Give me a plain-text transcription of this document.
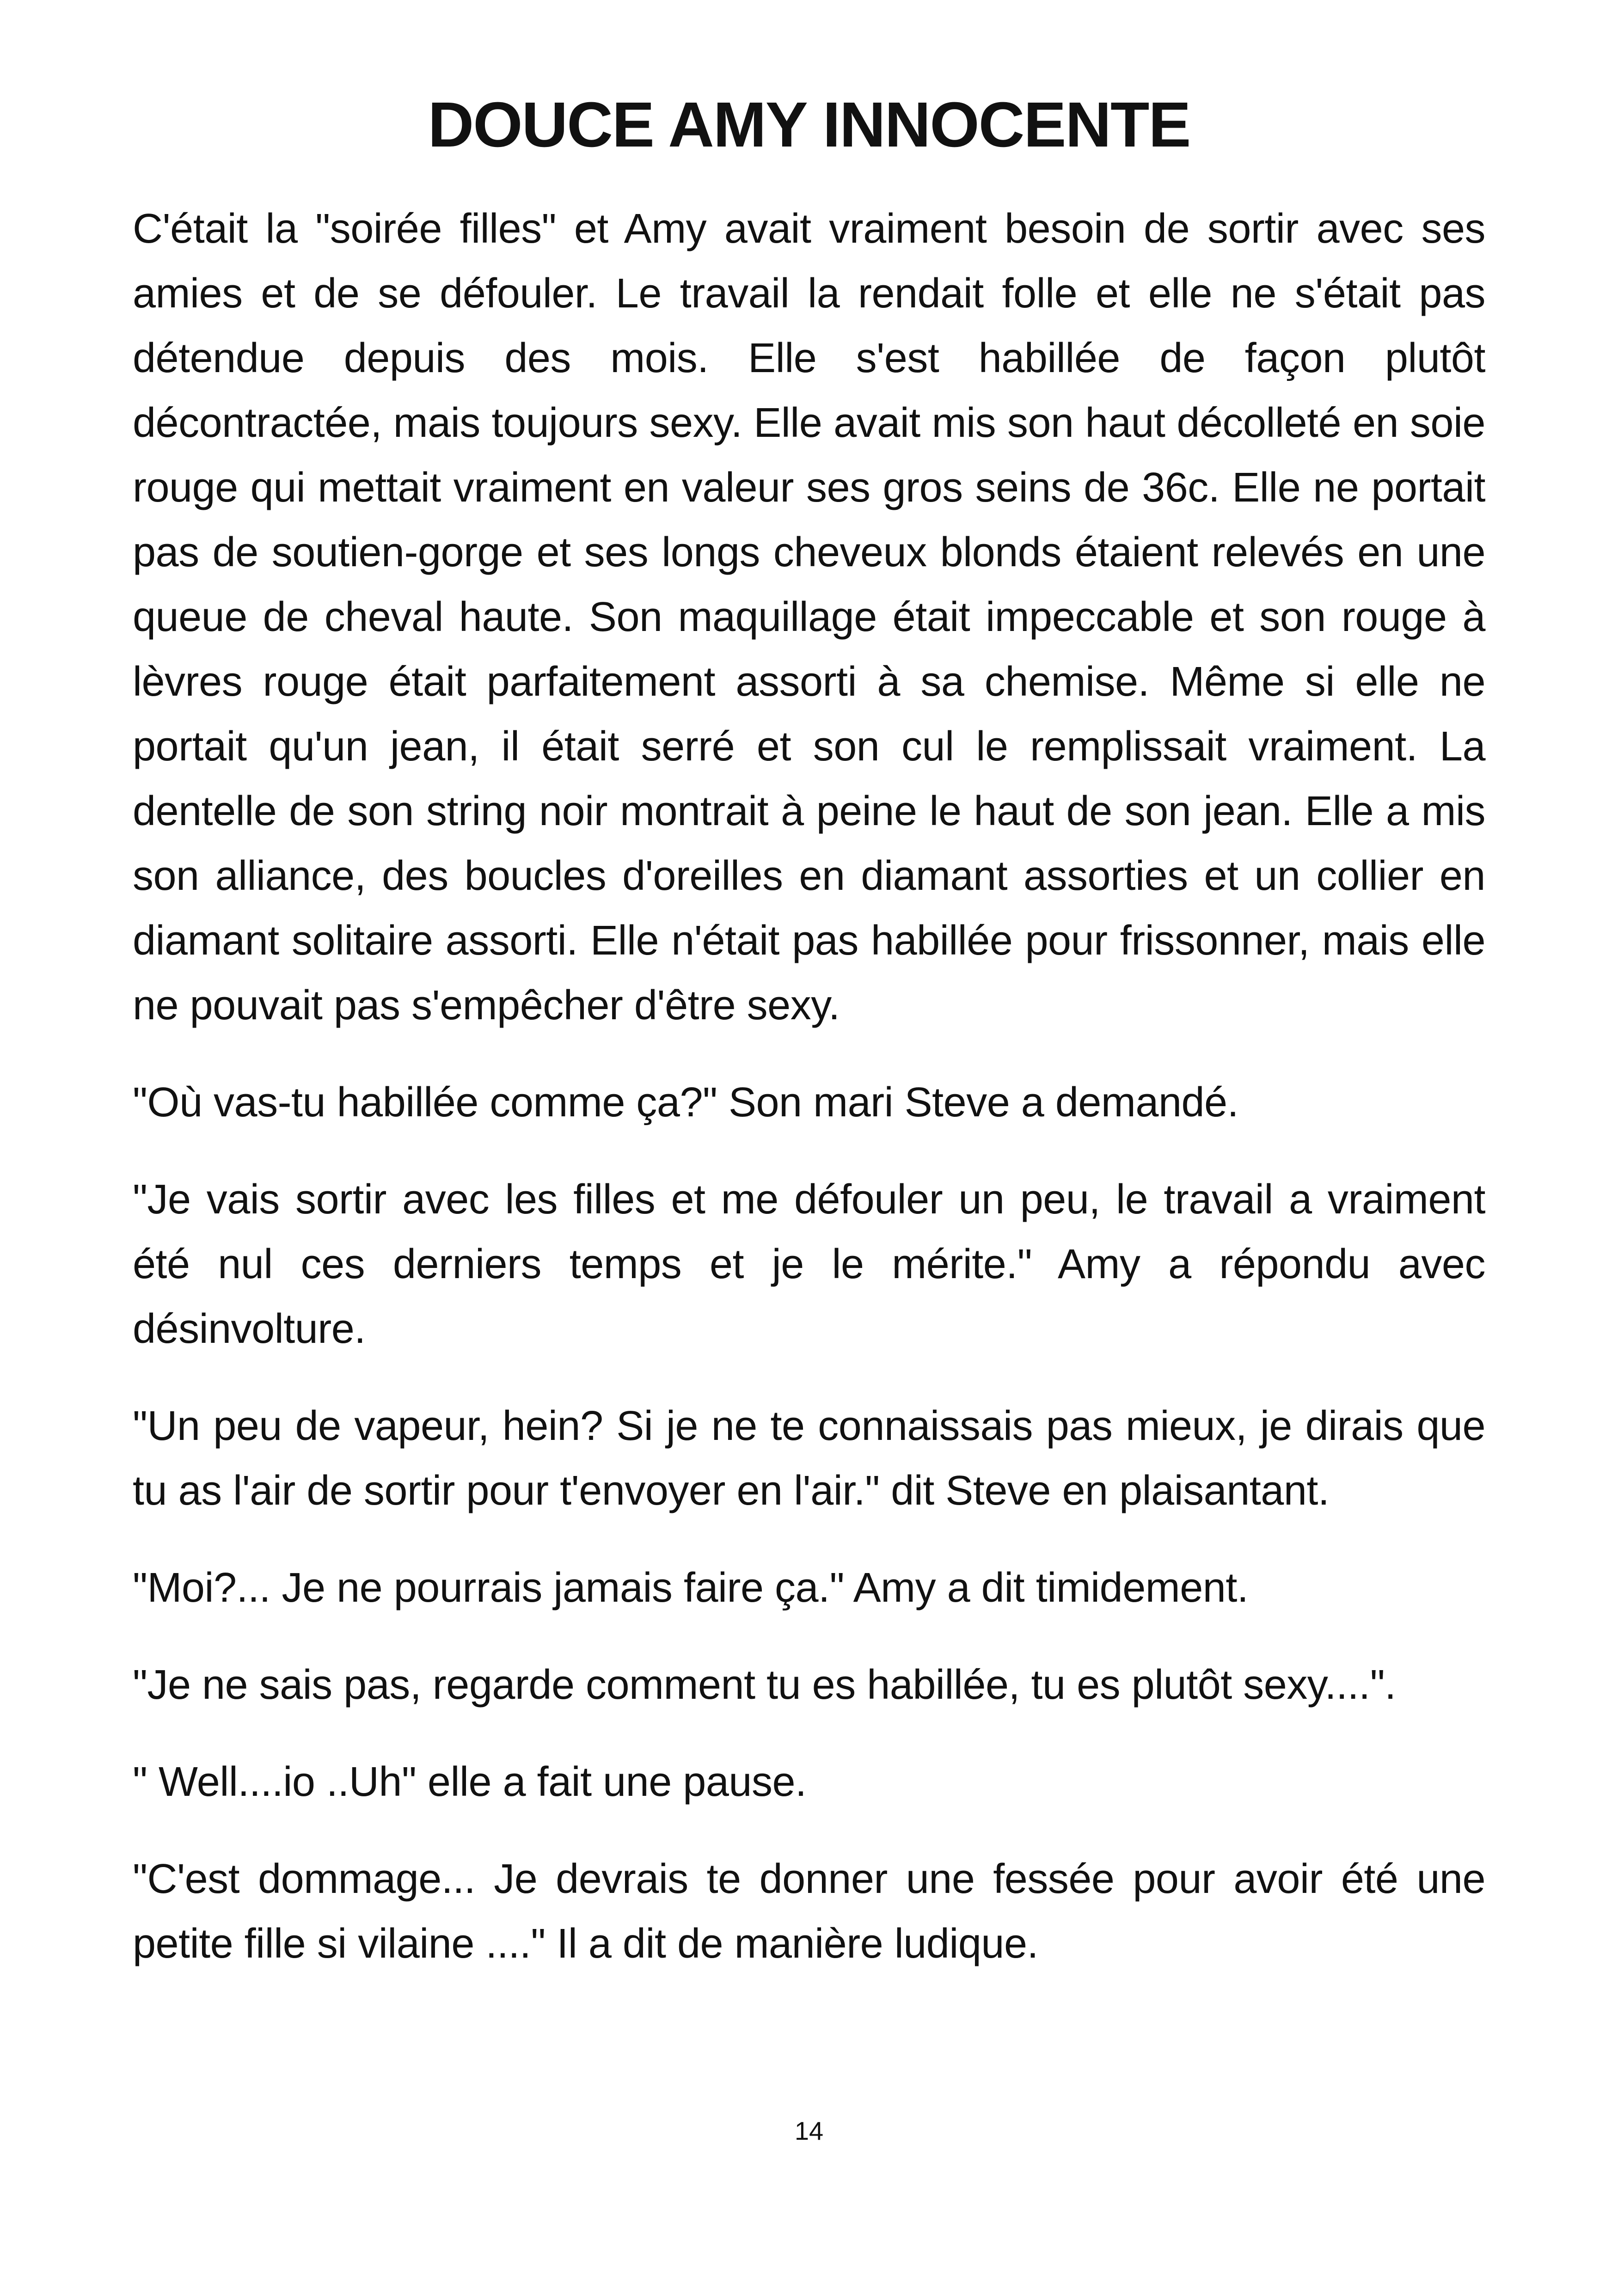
DOUCE AMY INNOCENTE

C'était la "soirée filles" et Amy avait vraiment besoin de sortir avec ses amies et de se défouler. Le travail la rendait folle et elle ne s'était pas détendue depuis des mois. Elle s'est habillée de façon plutôt décontractée, mais toujours sexy. Elle avait mis son haut décolleté en soie rouge qui mettait vraiment en valeur ses gros seins de 36c. Elle ne portait pas de soutien-gorge et ses longs cheveux blonds étaient relevés en une queue de cheval haute. Son maquillage était impeccable et son rouge à lèvres rouge était parfaitement assorti à sa chemise. Même si elle ne portait qu'un jean, il était serré et son cul le remplissait vraiment. La dentelle de son string noir montrait à peine le haut de son jean. Elle a mis son alliance, des boucles d'oreilles en diamant assorties et un collier en diamant solitaire assorti. Elle n'était pas habillée pour frissonner, mais elle ne pouvait pas s'empêcher d'être sexy.

"Où vas-tu habillée comme ça?" Son mari Steve a demandé.

"Je vais sortir avec les filles et me défouler un peu, le travail a vraiment été nul ces derniers temps et je le mérite." Amy a répondu avec désinvolture.

"Un peu de vapeur, hein? Si je ne te connaissais pas mieux, je dirais que tu as l'air de sortir pour t'envoyer en l'air." dit Steve en plaisantant.

"Moi?... Je ne pourrais jamais faire ça." Amy a dit timidement.

"Je ne sais pas, regarde comment tu es habillée, tu es plutôt sexy....".

" Well....io ..Uh" elle a fait une pause.

"C'est dommage... Je devrais te donner une fessée pour avoir été une petite fille si vilaine ...." Il a dit de manière ludique.

14
